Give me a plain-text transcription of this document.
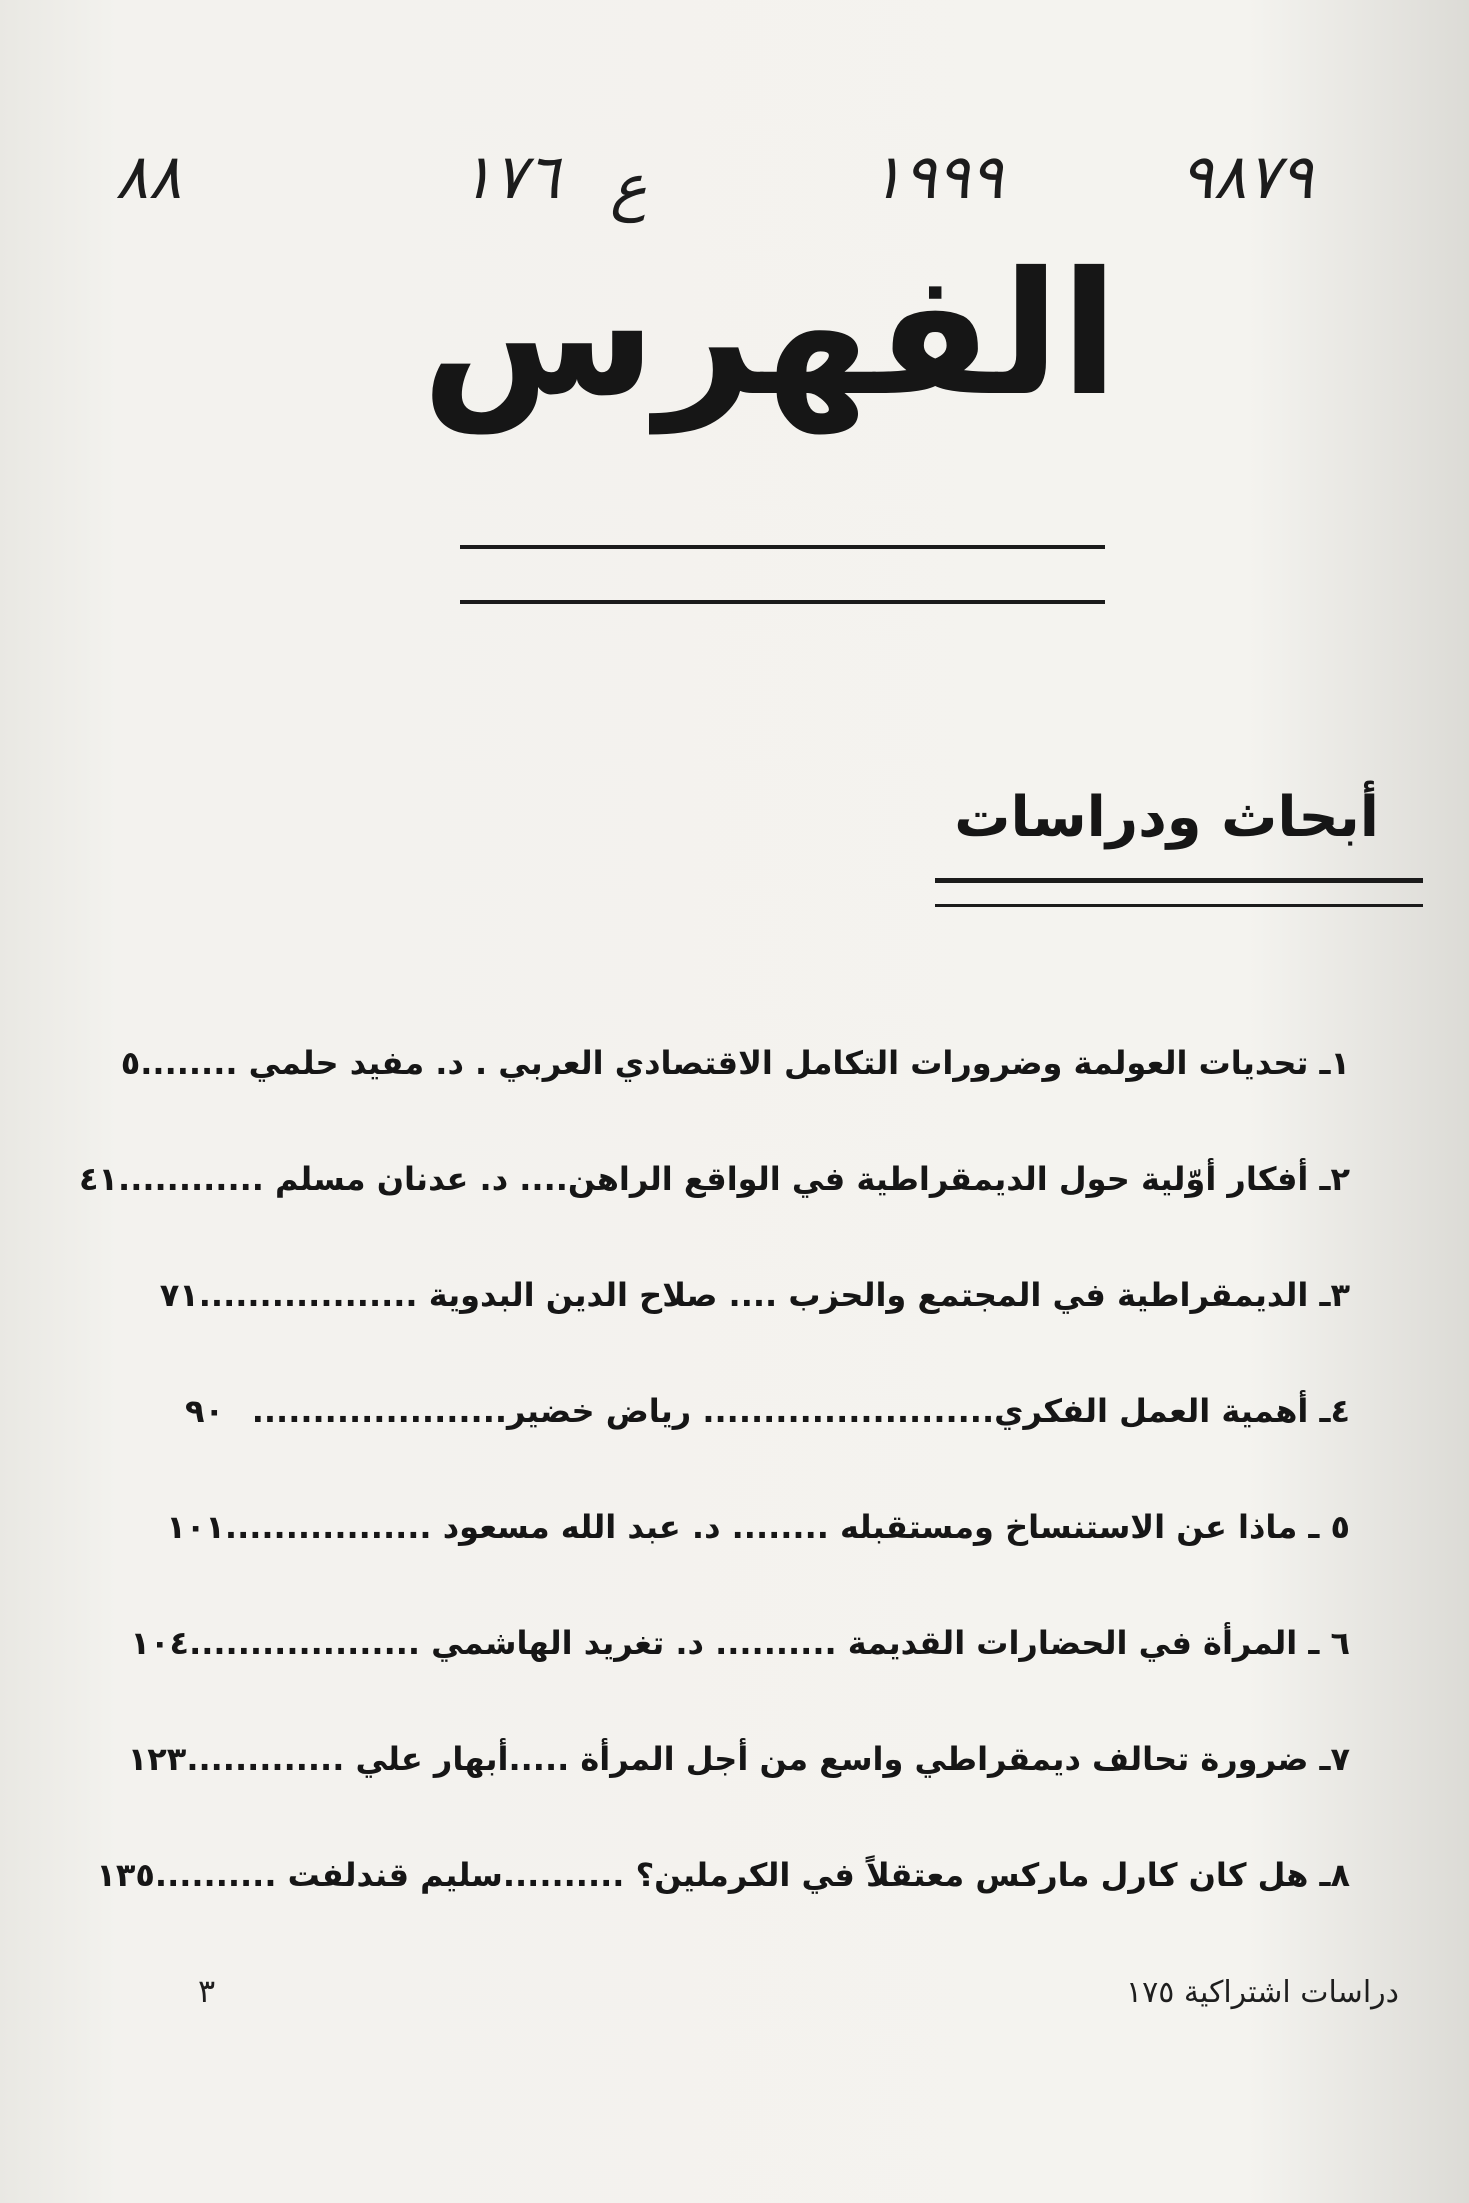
٩٨٧٩
١٩٩٩
ع
١٧٦
٨٨
الفهرس
أبحاث ودراسات
١ـ تحديات العولمة وضرورات التكامل الاقتصادي العربي . د. مفيد حلمي ........
٥
٢ـ أفكار أوّلية حول الديمقراطية في الواقع الراهن.... د. عدنان مسلم ............
٤١
٣ـ الديمقراطية في المجتمع والحزب .... صلاح الدين البدوية ..................
٧١
٤ـ أهمية العمل الفكري........................ رياض خضير.....................
٩٠
٥ ـ ماذا عن الاستنساخ ومستقبله ........ د. عبد الله مسعود .................
١٠١
٦ ـ المرأة في الحضارات القديمة .......... د. تغريد الهاشمي ...................
١٠٤
٧ـ ضرورة تحالف ديمقراطي واسع من أجل المرأة .....أبهار علي .............
١٢٣
٨ـ هل كان كارل ماركس معتقلاً في الكرملين؟ ..........سليم قندلفت ..........
١٣٥
دراسات اشتراكية ١٧٥
٣
